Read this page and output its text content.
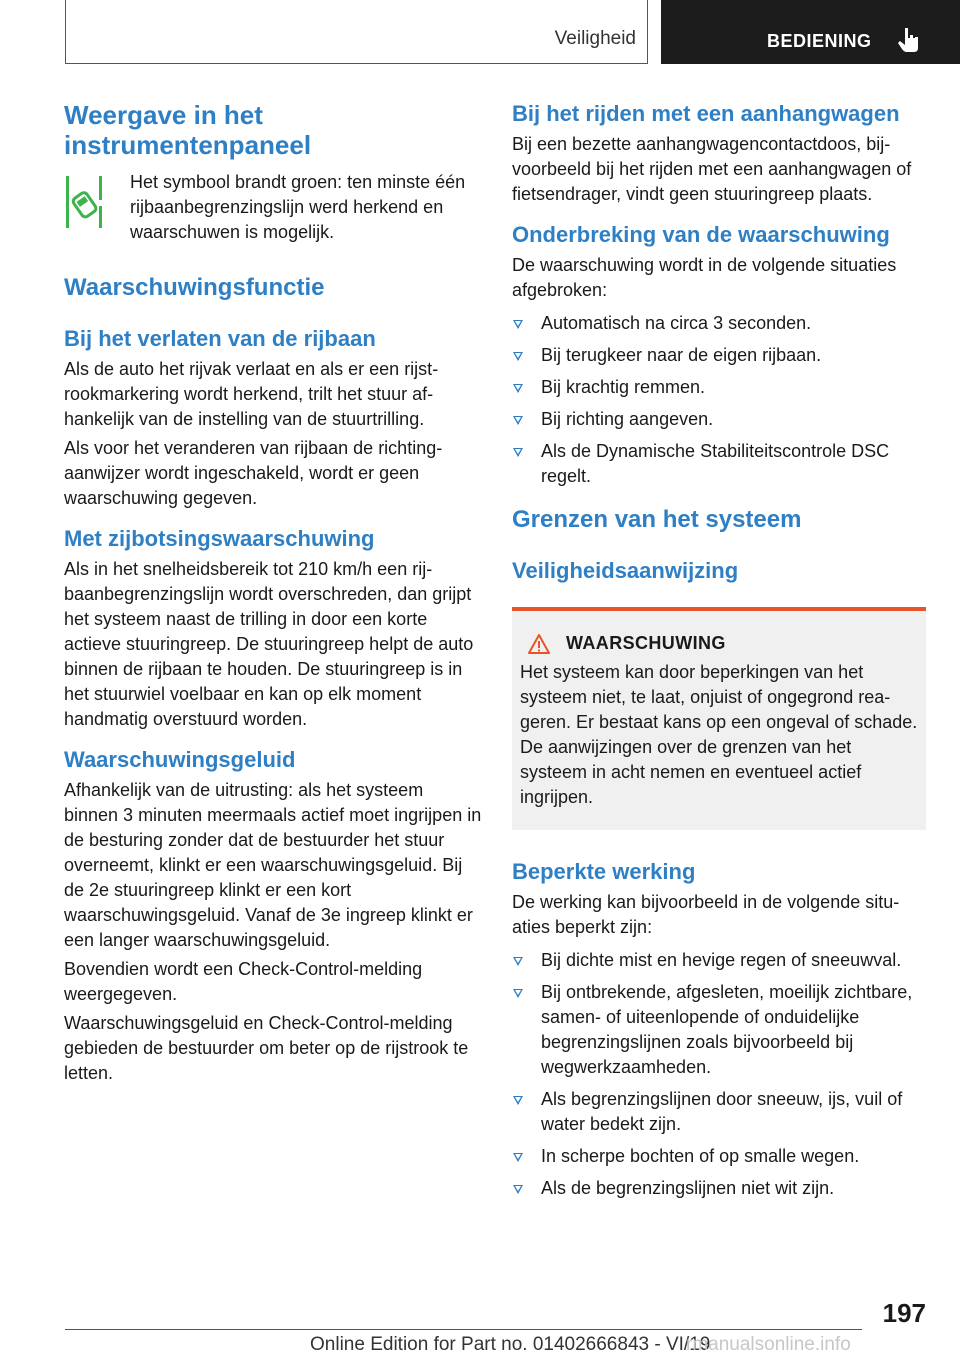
Veiligheid	BEDIENING
Weergave in het instrumentenpaneel

Het symbool brandt groen: ten minste één rijbaanbegrenzingslijn werd herkend en waarschuwen is mogelijk.

Waarschuwingsfunctie
Bij het verlaten van de rijbaan

Als de auto het rijvak verlaat en als er een rijstrookmarkering wordt herkend, trilt het stuur afhankelijk van de instelling van de stuurtrilling.

Als voor het veranderen van rijbaan de richtingaanwijzer wordt ingeschakeld, wordt er geen waarschuwing gegeven.

Met zijbotsingswaarschuwing

Als in het snelheidsbereik tot 210 km/h een rijbaanbegrenzingslijn wordt overschreden, dan grijpt het systeem naast de trilling in door een korte actieve stuuringreep. De stuuringreep helpt de auto binnen de rijbaan te houden. De stuuringreep is in het stuurwiel voelbaar en kan op elk moment handmatig overstuurd worden.

Waarschuwingsgeluid

Afhankelijk van de uitrusting: als het systeem binnen 3 minuten meermaals actief moet ingrijpen in de besturing zonder dat de bestuurder het stuur overneemt, klinkt er een waarschuwingsgeluid. Bij de 2e stuuringreep klinkt er een kort waarschuwingsgeluid. Vanaf de 3e ingreep klinkt er een langer waarschuwingsgeluid.

Bovendien wordt een Check-Control-melding weergegeven.

Waarschuwingsgeluid en Check-Control-melding gebieden de bestuurder om beter op de rijstrook te letten.

Bij het rijden met een aanhangwagen

Bij een bezette aanhangwagencontactdoos, bijvoorbeeld bij het rijden met een aanhangwagen of fietsendrager, vindt geen stuuringreep plaats.

Onderbreking van de waarschuwing

De waarschuwing wordt in de volgende situaties afgebroken:

Automatisch na circa 3 seconden.
Bij terugkeer naar de eigen rijbaan.
Bij krachtig remmen.
Bij richting aangeven.
Als de Dynamische Stabiliteitscontrole DSC regelt.
Grenzen van het systeem
Veiligheidsaanwijzing
WAARSCHUWING

Het systeem kan door beperkingen van het systeem niet, te laat, onjuist of ongegrond reageren. Er bestaat kans op een ongeval of schade. De aanwijzingen over de grenzen van het systeem in acht nemen en eventueel actief ingrijpen.

Beperkte werking

De werking kan bijvoorbeeld in de volgende situaties beperkt zijn:

Bij dichte mist en hevige regen of sneeuwval.
Bij ontbrekende, afgesleten, moeilijk zichtbare, samen- of uiteenlopende of onduidelijke begrenzingslijnen zoals bijvoorbeeld bij wegwerkzaamheden.
Als begrenzingslijnen door sneeuw, ijs, vuil of water bedekt zijn.
In scherpe bochten of op smalle wegen.
Als de begrenzingslijnen niet wit zijn.
197
Online Edition for Part no. 01402666843 - VI/19
rmanualsonline.info
